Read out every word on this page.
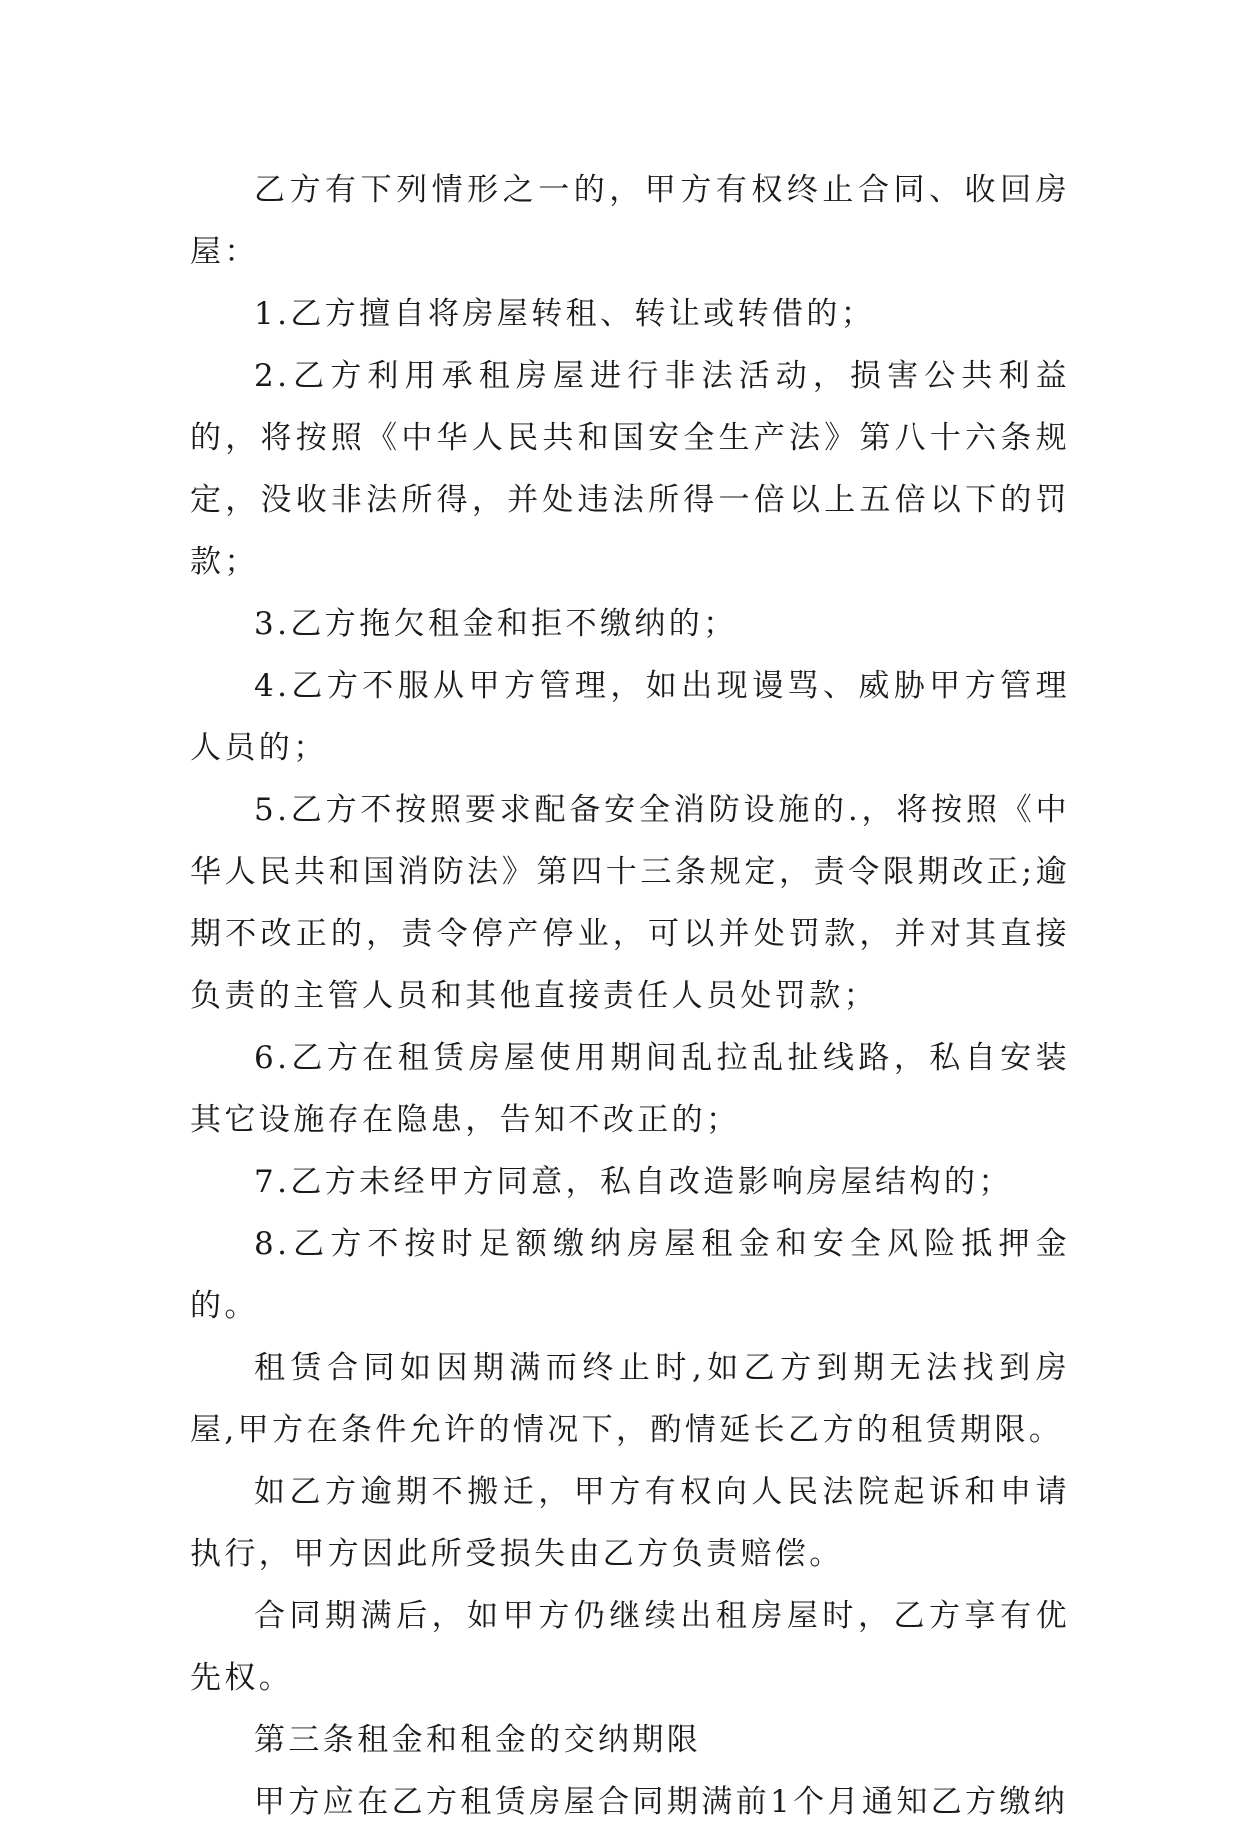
乙方有下列情形之一的，甲方有权终止合同、收回房屋：

1.乙方擅自将房屋转租、转让或转借的；

2.乙方利用承租房屋进行非法活动，损害公共利益的，将按照《中华人民共和国安全生产法》第八十六条规定，没收非法所得，并处违法所得一倍以上五倍以下的罚款；

3.乙方拖欠租金和拒不缴纳的；

4.乙方不服从甲方管理，如出现谩骂、威胁甲方管理人员的；

5.乙方不按照要求配备安全消防设施的.，将按照《中华人民共和国消防法》第四十三条规定，责令限期改正;逾期不改正的，责令停产停业，可以并处罚款，并对其直接负责的主管人员和其他直接责任人员处罚款；

6.乙方在租赁房屋使用期间乱拉乱扯线路，私自安装其它设施存在隐患，告知不改正的；

7.乙方未经甲方同意，私自改造影响房屋结构的；

8.乙方不按时足额缴纳房屋租金和安全风险抵押金的。

租赁合同如因期满而终止时,如乙方到期无法找到房屋,甲方在条件允许的情况下，酌情延长乙方的租赁期限。

如乙方逾期不搬迁，甲方有权向人民法院起诉和申请执行，甲方因此所受损失由乙方负责赔偿。

合同期满后，如甲方仍继续出租房屋时，乙方享有优先权。

第三条租金和租金的交纳期限

甲方应在乙方租赁房屋合同期满前1个月通知乙方缴纳
